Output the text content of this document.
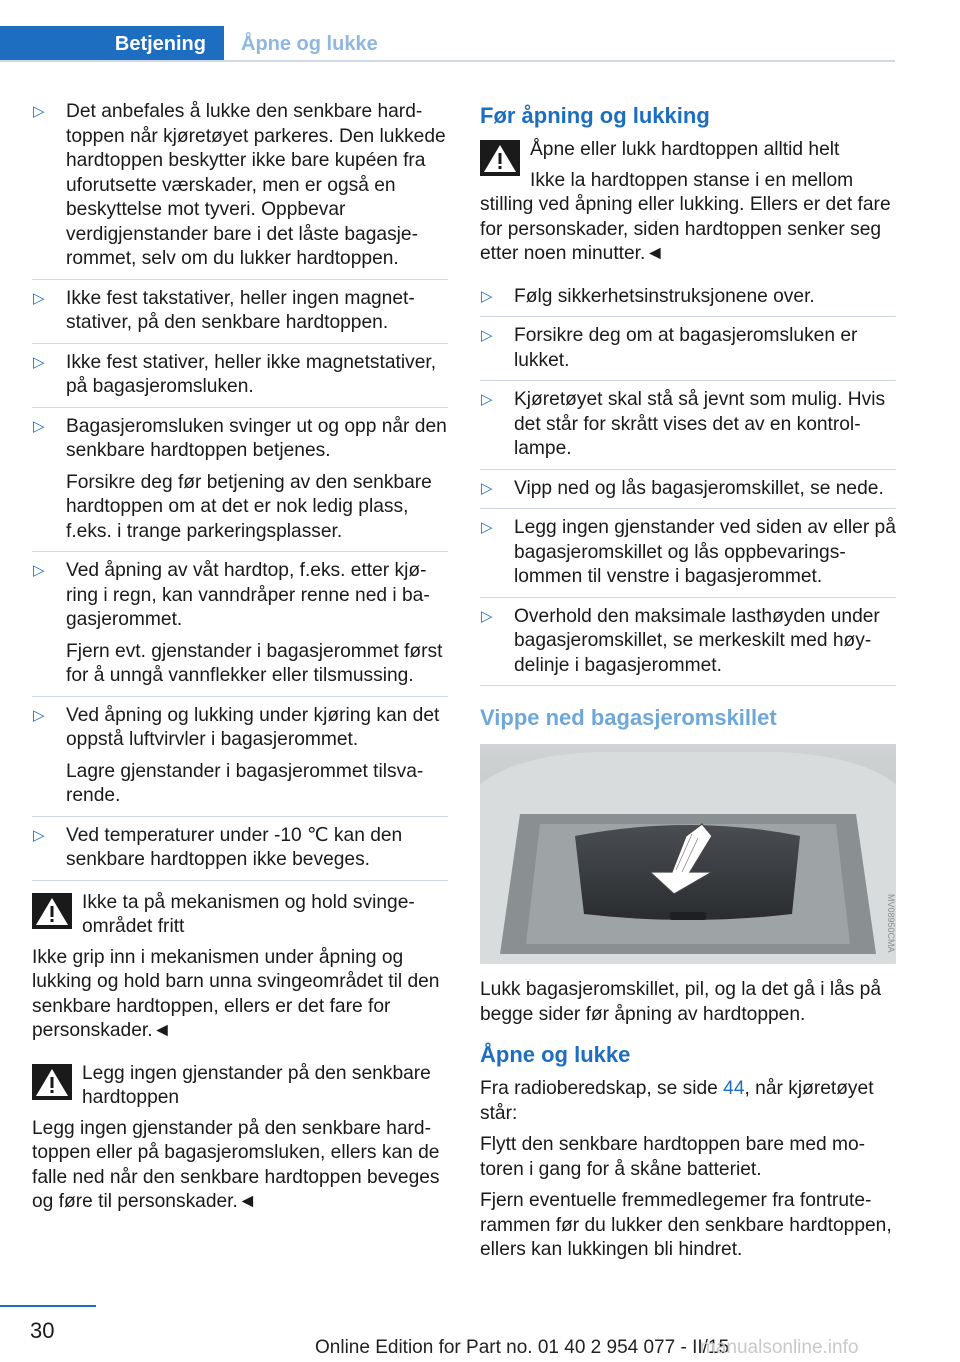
Betjening Åpne og lukke
▷ Det anbefales å lukke den senkbare hardtoppen når kjøretøyet parkeres. Den lukkede hardtoppen beskytter ikke bare kupéen fra uforutsette værskader, men er også en beskyttelse mot tyveri. Oppbevar verdigjenstander bare i det låste bagasjerommet, selv om du lukker hardtoppen.

▷ Ikke fest takstativer, heller ingen magnetstativer, på den senkbare hardtoppen.

▷ Ikke fest stativer, heller ikke magnetstativer, på bagasjeromsluken.

▷ Bagasjeromsluken svinger ut og opp når den senkbare hardtoppen betjenes.

Forsikre deg før betjening av den senkbare hardtoppen om at det er nok ledig plass, f.eks. i trange parkeringsplasser.

▷ Ved åpning av våt hardtop, f.eks. etter kjøring i regn, kan vanndråper renne ned i bagasjerommet.

Fjern evt. gjenstander i bagasjerommet først for å unngå vannflekker eller tilsmussing.

▷ Ved åpning og lukking under kjøring kan det oppstå luftvirvler i bagasjerommet.

Lagre gjenstander i bagasjerommet tilsvarende.

▷ Ved temperaturer under -10 ℃ kan den senkbare hardtoppen ikke beveges.

Ikke ta på mekanismen og hold svingeområdet fritt
Ikke grip inn i mekanismen under åpning og lukking og hold barn unna svingeområdet til den senkbare hardtoppen, ellers er det fare for personskader.◄
Legg ingen gjenstander på den senkbare hardtoppen
Legg ingen gjenstander på den senkbare hardtoppen eller på bagasjeromsluken, ellers kan de falle ned når den senkbare hardtoppen beveges og føre til personskader.◄
Før åpning og lukking
Åpne eller lukk hardtoppen alltid helt
Ikke la hardtoppen stanse i en mellom
stilling ved åpning eller lukking. Ellers er det fare for personskader, siden hardtoppen senker seg etter noen minutter.◄
▷ Følg sikkerhetsinstruksjonene over.

▷ Forsikre deg om at bagasjeromsluken er lukket.

▷ Kjøretøyet skal stå så jevnt som mulig. Hvis det står for skrått vises det av en kontrollampe.

▷ Vipp ned og lås bagasjeromskillet, se nede.

▷ Legg ingen gjenstander ved siden av eller på bagasjeromskillet og lås oppbevaringslommen til venstre i bagasjerommet.

▷ Overhold den maksimale lasthøyden under bagasjeromskillet, se merkeskilt med høydelinje i bagasjerommet.

Vippe ned bagasjeromskillet
MV08950CMA
Lukk bagasjeromskillet, pil, og la det gå i lås på begge sider før åpning av hardtoppen.
Åpne og lukke
Fra radioberedskap, se side 44, når kjøretøyet står:
Flytt den senkbare hardtoppen bare med motoren i gang for å skåne batteriet.
Fjern eventuelle fremmedlegemer fra fontruterammen før du lukker den senkbare hardtoppen, ellers kan lukkingen bli hindret.
30
Online Edition for Part no. 01 40 2 954 077 - II/15
manualsonline.info
